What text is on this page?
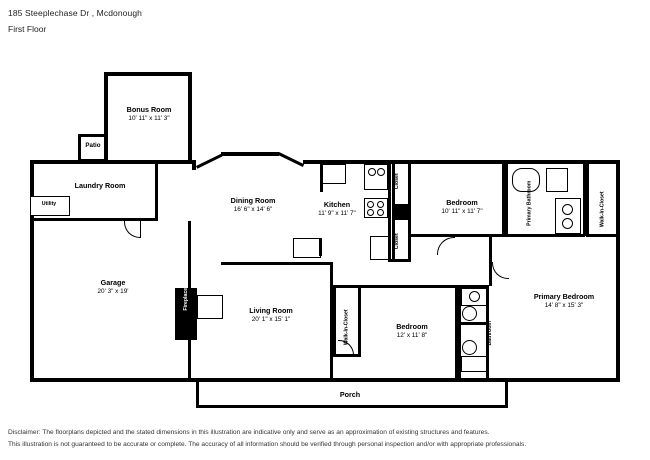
185 Steeplechase Dr , Mcdonough
First Floor
Bonus Room
10' 11" x 11' 3"
Patio
Laundry Room
Utility
Garage
20' 3" x 19'	Fireplace
Dining Room
16' 6" x 14' 6"
Kitchen
11' 9" x 11' 7"
Closet
Closet
Bedroom
10' 11" x 11' 7"	Primary Bathroom	Walk-In-Closet
Living Room
20' 1" x 15' 1"	Walk-In-Closet	Bedroom
12' x 11' 8"	Bathroom
Primary Bedroom
14' 8" x 15' 3"
Porch
Disclaimer: The floorplans depicted and the stated dimensions in this illustration are indicative only and serve as an approximation of existing structures and features.
This illustration is not guaranteed to be accurate or complete. The accuracy of all information should be verified through personal inspection and/or with appropriate professionals.
